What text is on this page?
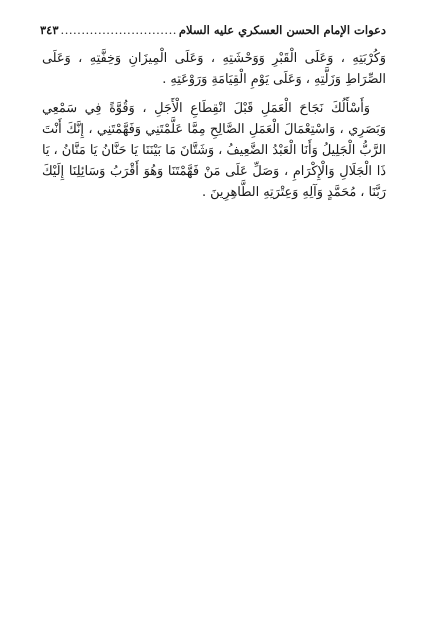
دعوات الإمام الحسن العسكري عليه السلام
.....
٣٤٣

وَكُرْبَتِهِ ، وَعَلَى الْقَبْرِ وَوَحْشَتِهِ ، وَعَلَى الْمِيزَانِ وَخِفَّتِهِ ، وَعَلَى الصِّرَاطِ وَزَلَّتِهِ ، وَعَلَى يَوْمِ الْقِيَامَةِ وَرَوْعَتِهِ .

وَأَسْأَلُكَ نَجَاحَ الْعَمَلِ قَبْلَ انْقِطَاعِ الْأَجَلِ ، وَقُوَّةً فِي سَمْعِي وَبَصَرِي ، وَاسْتِعْمَالَ الْعَمَلِ الصَّالِحِ مِمَّا عَلَّمْتَنِي وَفَهَّمْتَنِي ، إِنَّكَ أَنْتَ الرَّبُّ الْجَلِيلُ وَأَنَا الْعَبْدُ الضَّعِيفُ ، وَشَتَّانَ مَا بَيْنَنَا يَا حَنَّانُ يَا مَنَّانُ ، يَا ذَا الْجَلَالِ وَالْإِكْرَامِ ، وَصَلِّ عَلَى مَنْ فَهَّمْتَنَا وَهُوَ أَقْرَبُ وَسَائِلِنَا إِلَيْكَ رَبَّنَا ، مُحَمَّدٍ وَآلِهِ وَعِتْرَتِهِ الطَّاهِرِينَ .
